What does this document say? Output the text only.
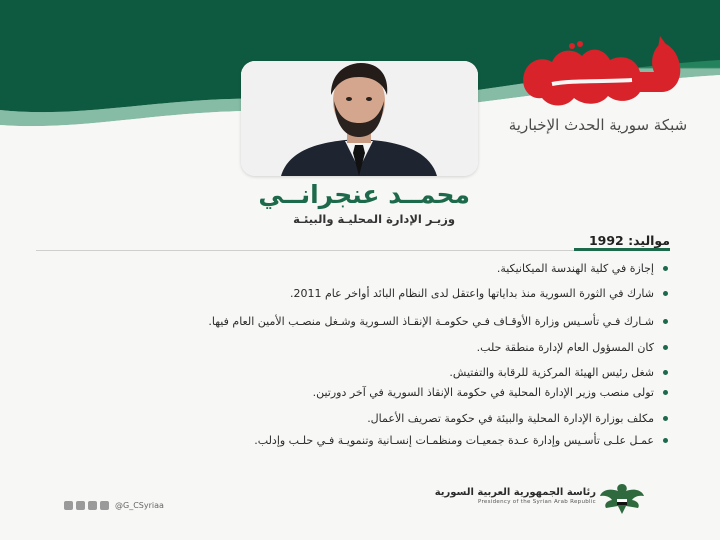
شبكة سورية الحدث الإخبارية
محمــد عنجرانــي
وزيـر الإدارة المحليـة والبيئـة
مواليد: 1992
إجازة في كلية الهندسة الميكانيكية.
شارك في الثورة السورية منذ بداياتها واعتقل لدى النظام البائد أواخر عام 2011.
شـارك فـي تأسـيس وزارة الأوقـاف فـي حكومـة الإنقـاذ السـورية وشـغل منصـب الأمين العام فيها.
كان المسؤول العام لإدارة منطقة حلب.
شغل رئيس الهيئة المركزية للرقابة والتفتيش.
تولى منصب وزير الإدارة المحلية في حكومة الإنقاذ السورية في آخر دورتين.
مكلف بوزارة الإدارة المحلية والبيئة في حكومة تصريف الأعمال.
عمـل علـى تأسـيس وإدارة عـدة جمعيـات ومنظمـات إنسـانية وتنمويـة فـي حلـب وإدلب.
@G_CSyriaa
رئاسة الجمهورية العربية السورية
Presidency of the Syrian Arab Republic
